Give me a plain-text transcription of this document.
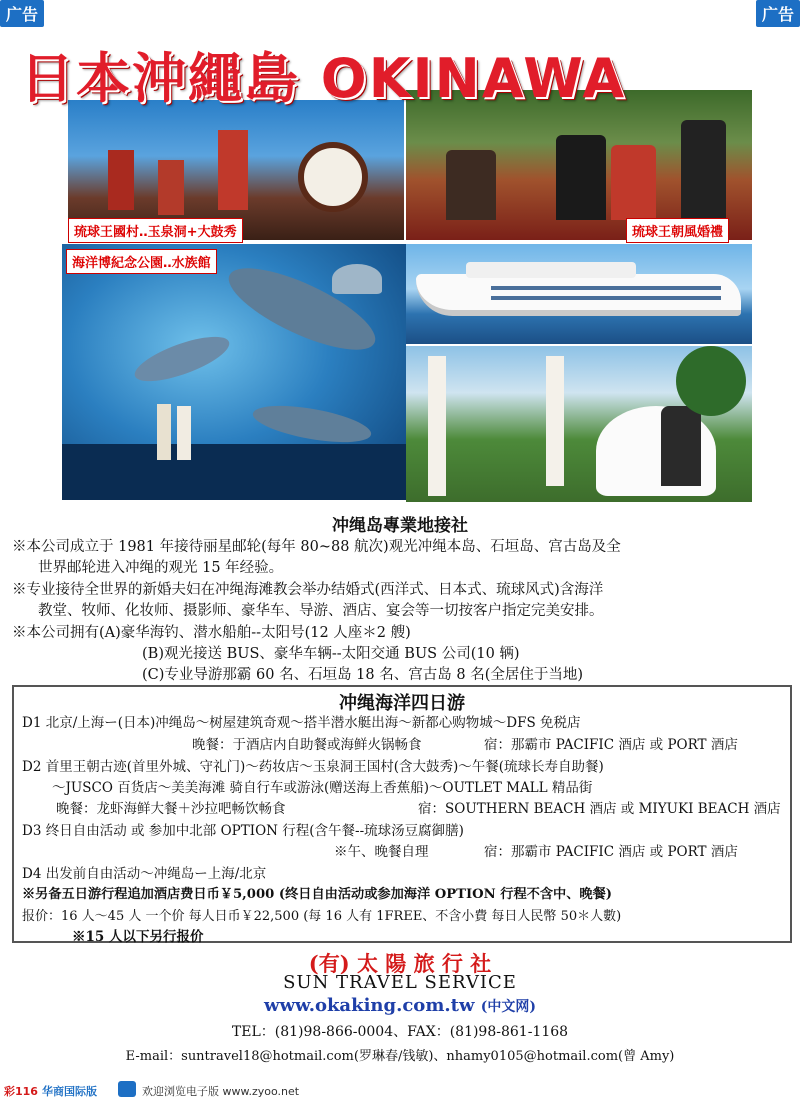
广告	广告
日本沖繩島 OKINAWA
琉球王國村‥玉泉洞+大鼓秀	琉球王朝風婚禮
海洋博紀念公園‥水族館
冲绳岛專業地接社
※本公司成立于 1981 年接待丽星邮轮(每年 80~88 航次)观光冲绳本岛、石垣岛、宫古岛及全
世界邮轮进入冲绳的观光 15 年经验。
※专业接待全世界的新婚夫妇在冲绳海滩教会举办结婚式(西洋式、日本式、琉球风式)含海洋
教堂、牧师、化妆师、摄影师、豪华车、导游、酒店、宴会等一切按客户指定完美安排。
※本公司拥有(A)豪华海钓、潜水船舶--太阳号(12 人座＊2 艘)
(B)观光接送 BUS、豪华车辆--太阳交通 BUS 公司(10 辆)
(C)专业导游那霸 60 名、石垣岛 18 名、宫古岛 8 名(全居住于当地)
冲绳海洋四日游
D1 北京/上海ー(日本)冲绳岛～树屋建筑奇观～搭半潜水艇出海～新都心购物城～DFS 免税店
晚餐：于酒店内自助餐或海鲜火锅畅食	宿：那霸市 PACIFIC 酒店 或 PORT 酒店
D2 首里王朝古迹(首里外城、守礼门)～药妆店～玉泉洞王国村(含大鼓秀)～午餐(琉球长寿自助餐)
～JUSCO 百货店～美美海滩 骑自行车或游泳(赠送海上香蕉船)～OUTLET MALL 精品街
晚餐：龙虾海鲜大餐＋沙拉吧畅饮畅食	宿：SOUTHERN BEACH 酒店 或 MIYUKI BEACH 酒店
D3 终日自由活动 或 参加中北部 OPTION 行程(含午餐--琉球汤豆腐御膳)
※午、晚餐自理	宿：那霸市 PACIFIC 酒店 或 PORT 酒店
D4 出发前自由活动～冲绳岛ー上海/北京
※另备五日游行程追加酒店费日币￥5,000 (终日自由活动或参加海洋 OPTION 行程不含中、晚餐)
报价：16 人～45 人 一个价 每人日币￥22,500 (每 16 人有 1FREE、不含小費 每日人民幣 50＊人數)
※15 人以下另行报价
(有) 太 陽 旅 行 社
SUN TRAVEL SERVICE
www.okaking.com.tw (中文网)
TEL：(81)98-866-0004、FAX：(81)98-861-1168
E-mail：suntravel18@hotmail.com(罗琳春/钱敏)、nhamy0105@hotmail.com(曾 Amy)
彩116 华商国际版	欢迎浏览电子版 www.zyoo.net
